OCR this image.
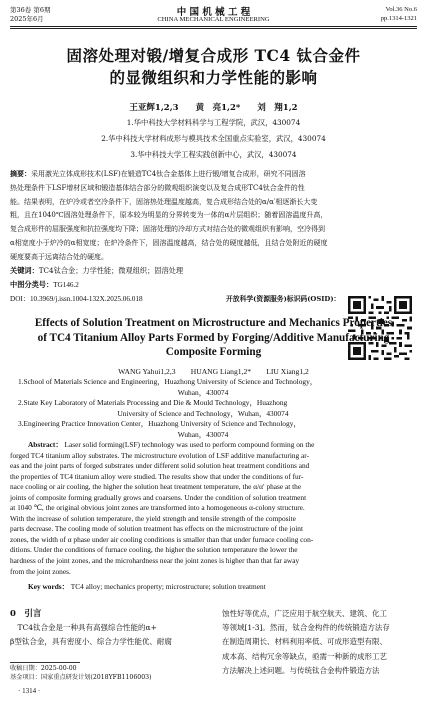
第36卷 第6期
2025年6月
中 国 机 械 工 程
CHINA MECHANICAL ENGINEERING
Vol.36 No.6
pp.1314-1321
固溶处理对锻/增复合成形 TC4 钛合金件
的显微组织和力学性能的影响
王亚辉1,2,3　　黄　亮1,2*　　刘　翔1,2
1.华中科技大学材料科学与工程学院，武汉，430074
2.华中科技大学材料成形与模具技术全国重点实验室，武汉，430074
3.华中科技大学工程实践创新中心，武汉，430074
摘要：采用激光立体成形技术(LSF)在锻造TC4钛合金基体上进行锻/增复合成形，研究不同固溶
热处理条件下LSF增材区域和锻造基体结合部分的微观组织演变以及复合成形TC4钛合金件的性
能。结果表明，在炉冷或者空冷条件下，固溶热处理温度越高，复合成形结合处的α/α′相逐渐长大变
粗，且在1040℃固溶处理条件下，原本较为明显的分界转变为一体的α片层组织；随着固溶温度升高，
复合成形件的屈服强度和抗拉强度均下降；固溶处理的冷却方式对结合处的微观组织有影响，空冷得到
α相宽度小于炉冷的α相宽度；在炉冷条件下，固溶温度越高，结合处的硬度越低，且结合处附近的硬度
硬度要高于远离结合处的硬度。
关键词：TC4钛合金；力学性能；微观组织；固溶处理
中图分类号：TG146.2
DOI：10.3969/j.issn.1004-132X.2025.06.018	开放科学(资源服务)标识码(OSID)：
Effects of Solution Treatment on Microstructure and Mechanics Properties
of TC4 Titanium Alloy Parts Formed by Forging/Additive Manufacturing
Composite Forming
WANG Yahui1,2,3　　HUANG Liang1,2*　　LIU Xiang1,2
1.School of Materials Science and Engineering，Huazhong University of Science and Technology，
Wuhan，430074
2.State Key Laboratory of Materials Processing and Die & Mould Technology，Huazhong
University of Science and Technology，Wuhan，430074
3.Engineering Practice Innovation Center，Huazhong University of Science and Technology，
Wuhan，430074
Abstract： Laser solid forming(LSF) technology was used to perform compound forming on the
forged TC4 titanium alloy substrates. The microstructure evolution of LSF additive manufacturing ar-
eas and the joint parts of forged substrates under different solid solution heat treatment conditions and
the properties of TC4 titanium alloy were studied. The results show that under the conditions of fur-
nace cooling or air cooling, the higher the solution heat treatment temperature, the α/α′ phase at the
joints of composite forming gradually grows and coarsens. Under the condition of solution treatment
at 1040 ℃, the original obvious joint zones are transformed into a homogeneous α-colony structure.
With the increase of solution temperature, the yield strength and tensile strength of the composite
parts decrease. The cooling mode of solution treatment has effects on the microstructure of the joint
zones, the width of α phase under air cooling conditions is smaller than that under furnace cooling con-
ditions. Under the conditions of furnace cooling, the higher the solution temperature the lower the
hardness of the joint zones, and the microhardness near the joint zones is higher than that far away
from the joint zones.
Key words： TC4 alloy; mechanics property; microstructure; solution treatment
0　引言
　TC4钛合金是一种具有高强综合性能的α+
β型钛合金，具有密度小、综合力学性能优、耐腐
收稿日期：2025-00-00
基金项目：国家重点研发计划(2018YFB1106003)
· 1314 ·
蚀性好等优点，广泛应用于航空航天、建筑、化工
等领域[1-3]。然而，钛合金构件的传统锻造方法存
在制造周期长、材料利用率低、可成形造型有限、
成本高、结构冗余等缺点，亟需一种新的成形工艺
方法解决上述问题。与传统钛合金构件锻造方法
